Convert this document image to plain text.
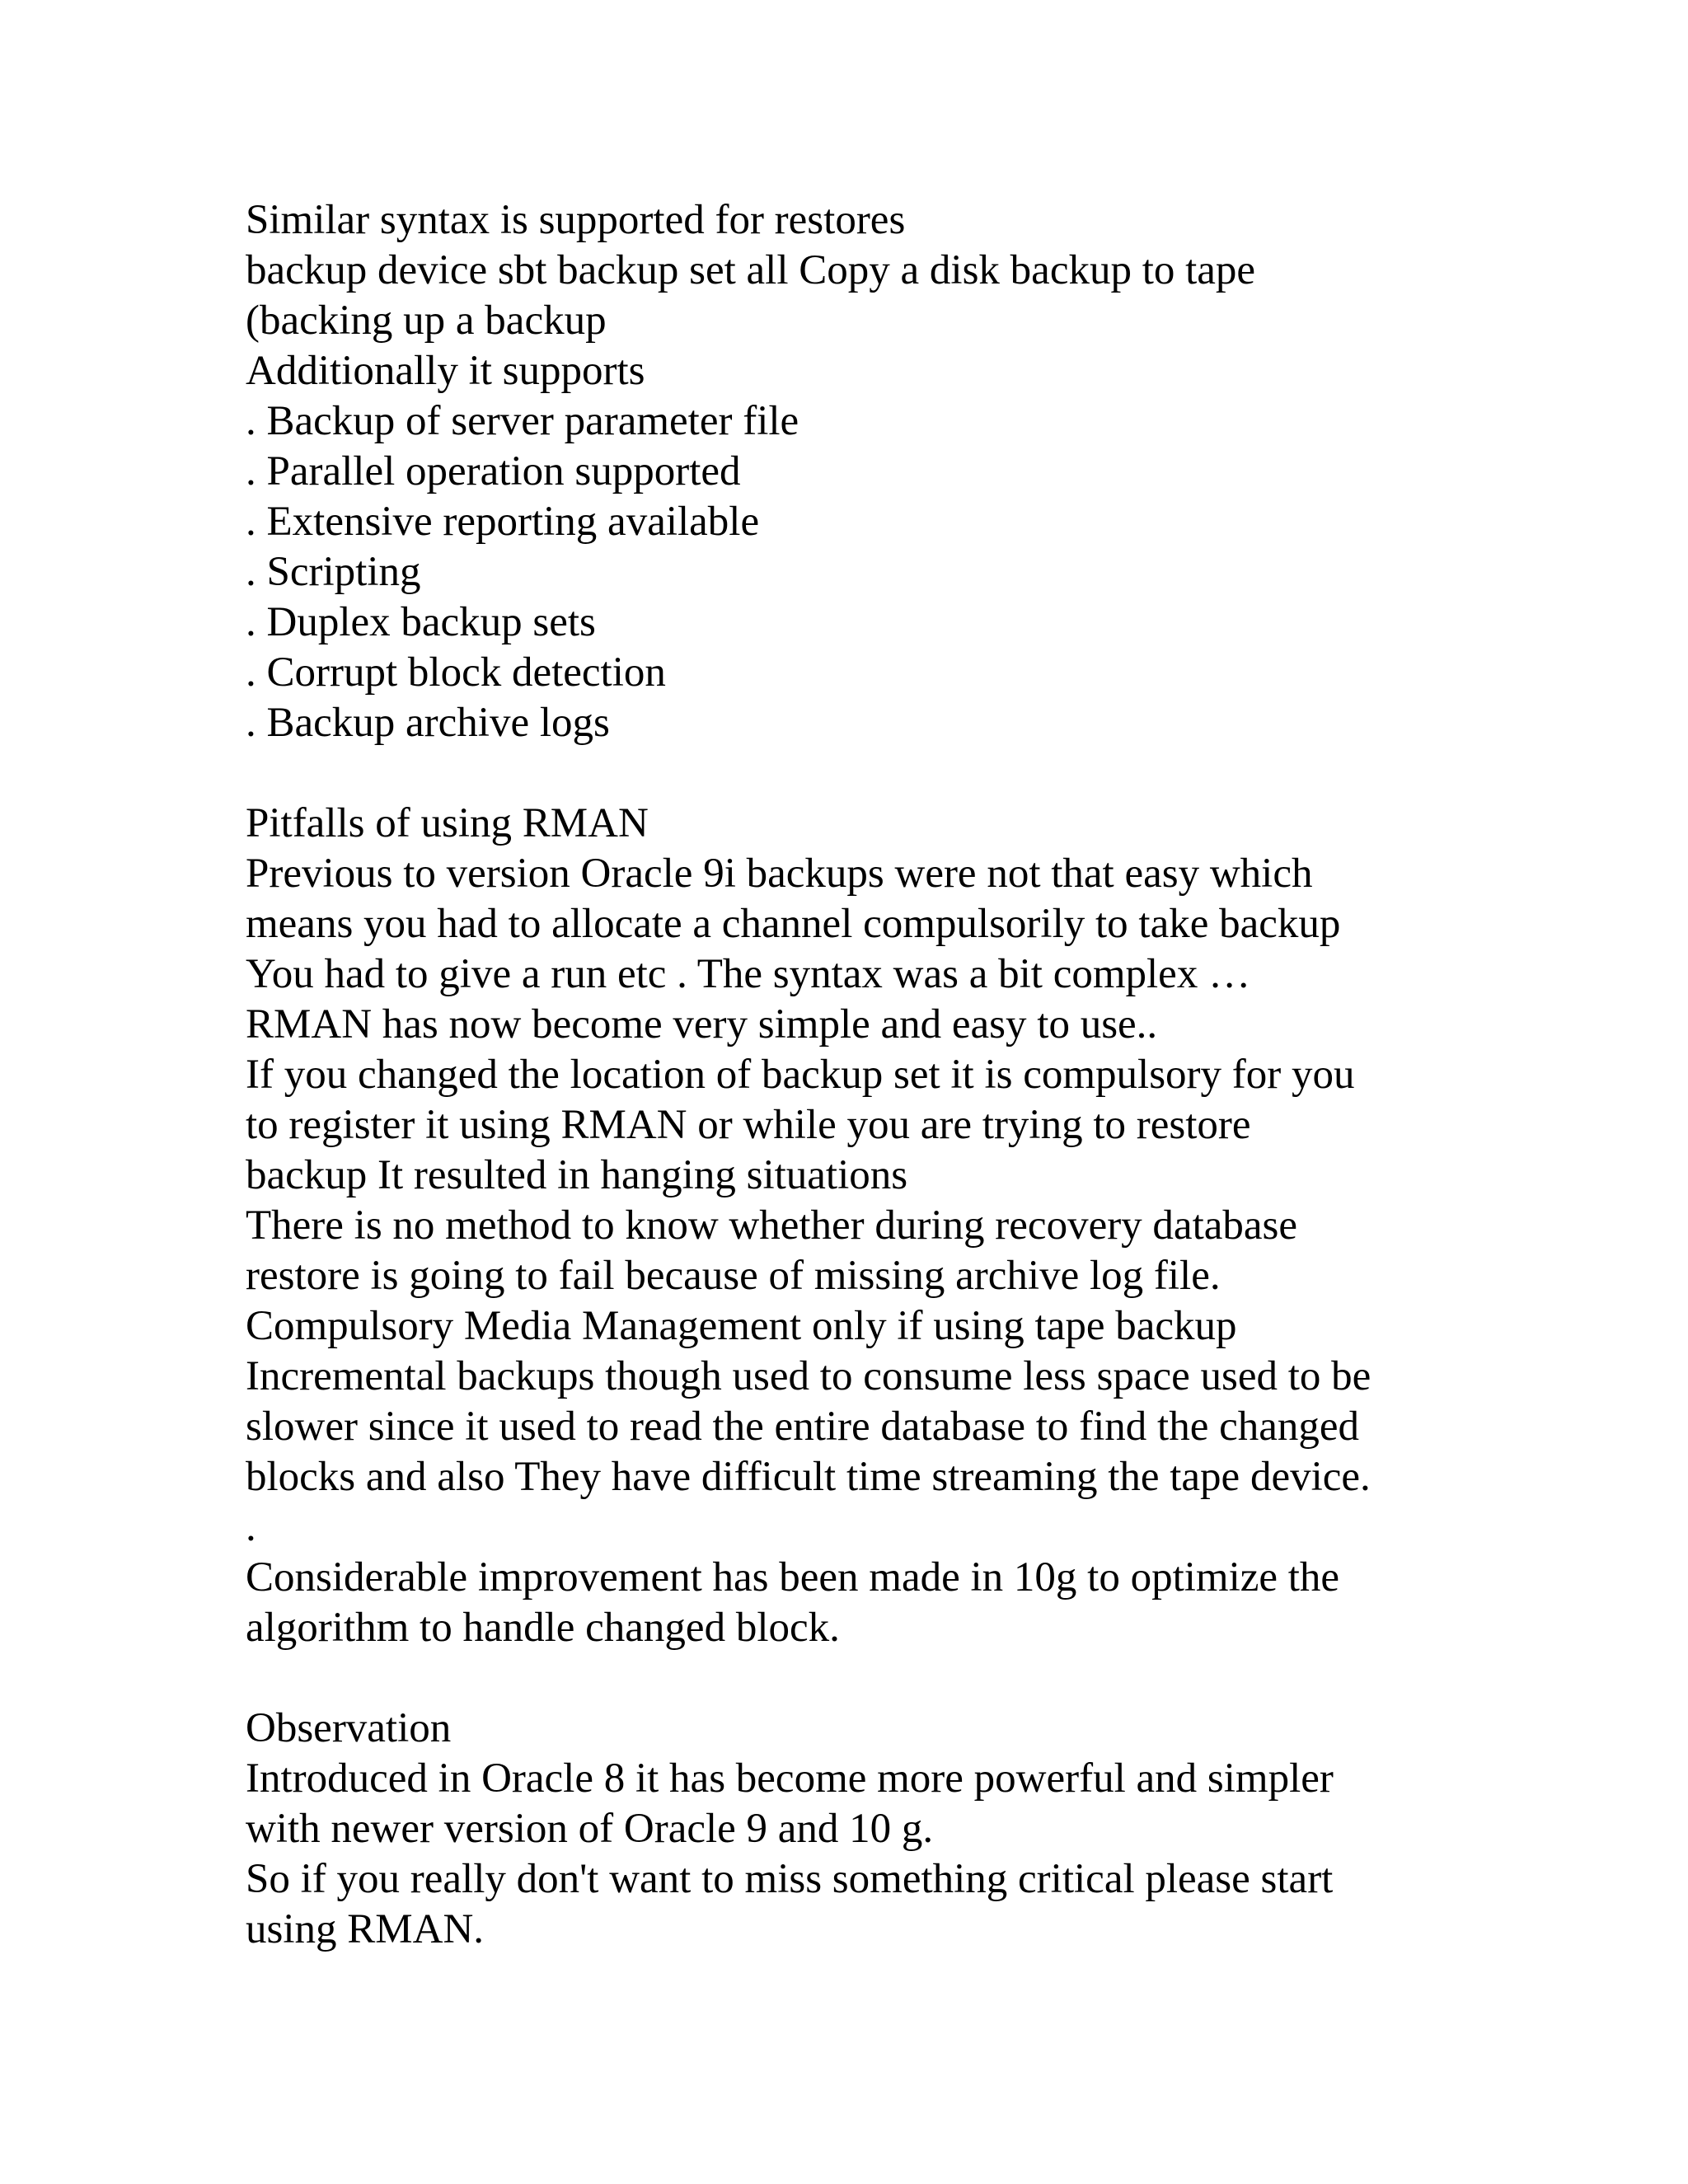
Similar syntax is supported for restores
backup device sbt backup set all Copy a disk backup to tape
(backing up a backup
Additionally it supports
. Backup of server parameter file
. Parallel operation supported
. Extensive reporting available
. Scripting
. Duplex backup sets
. Corrupt block detection
. Backup archive logs
Pitfalls of using RMAN
Previous to version Oracle 9i backups were not that easy which
means you had to allocate a channel compulsorily to take backup
You had to give a run etc . The syntax was a bit complex …
RMAN has now become very simple and easy to use..
If you changed the location of backup set it is compulsory for you
to register it using RMAN or while you are trying to restore
backup It resulted in hanging situations
There is no method to know whether during recovery database
restore is going to fail because of missing archive log file.
Compulsory Media Management only if using tape backup
Incremental backups though used to consume less space used to be
slower since it used to read the entire database to find the changed
blocks and also They have difficult time streaming the tape device.
.
Considerable improvement has been made in 10g to optimize the
algorithm to handle changed block.
Observation
Introduced in Oracle 8 it has become more powerful and simpler
with newer version of Oracle 9 and 10 g.
So if you really don't want to miss something critical please start
using RMAN.
